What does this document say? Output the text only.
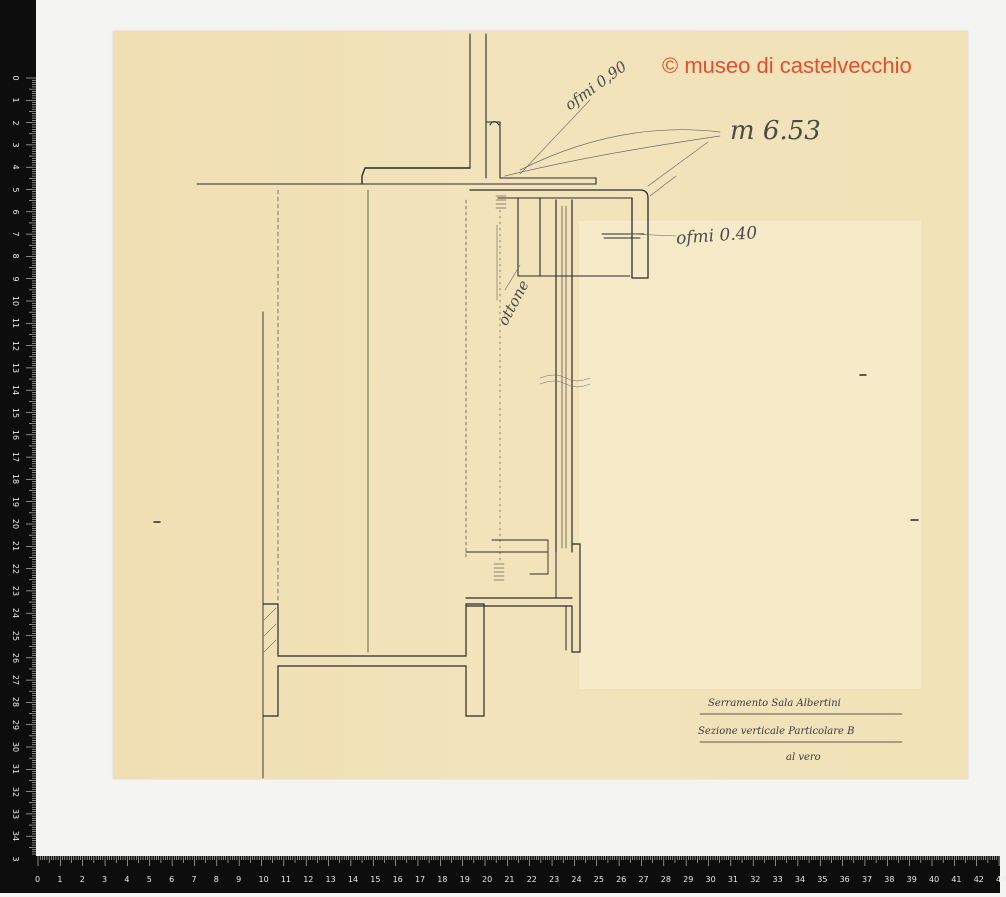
© museo di castelvecchio
ofmi 0,90
m 6.53
ofmi 0.40
ottone
Serramento Sala Albertini
Sezione verticale Particolare B
al vero
0
1
2
3
4
5
6
7
8
9
10
11
12
13
14
15
16
17
18
19
20
21
22
23
24
25
26
27
28
29
30
31
32
33
34
3
0 1 2 3 4 5 6 7 8 9 10 11 12 13 14 15 16 17 18 19 20 21 22 23 24 25 26 27 28 29 30 31 32 33 34 35 36 37 38 39 40 41 42 43
